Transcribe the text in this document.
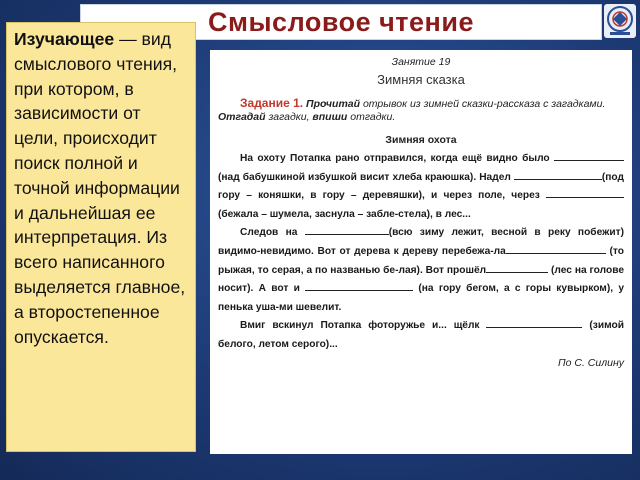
Смысловое чтение

Изучающее — вид смыслового чтения, при котором, в зависимости от цели, происходит поиск полной и точной информации и дальнейшая ее интерпретация. Из всего написанного выделяется главное, а второстепенное опускается.

Занятие 19
Зимняя сказка
Задание 1. Прочитай отрывок из зимней сказки-рассказа с загадками. Отгадай загадки, впиши отгадки.
Зимняя охота
На охоту Потапка рано отправился, когда ещё видно было  (над бабушкиной избушкой висит хлеба краюшка). Надел	(под гору – коняшки, в гору – деревяшки), и через поле, через (бежала – шумела, заснула – забле-стела), в лес...
Следов на	(всю зиму лежит, весной в реку побежит) видимо-невидимо. Вот от дерева к дереву перебежа-ла	(то рыжая, то серая, а по названью бе-лая). Вот прошёл	(лес на голове носит). А вот и	(на гору бегом, а с горы кувырком), у пенька уша-ми шевелит.
Вмиг вскинул Потапка фоторужье и... щёлк	(зимой белого, летом серого)...
По С. Силину
